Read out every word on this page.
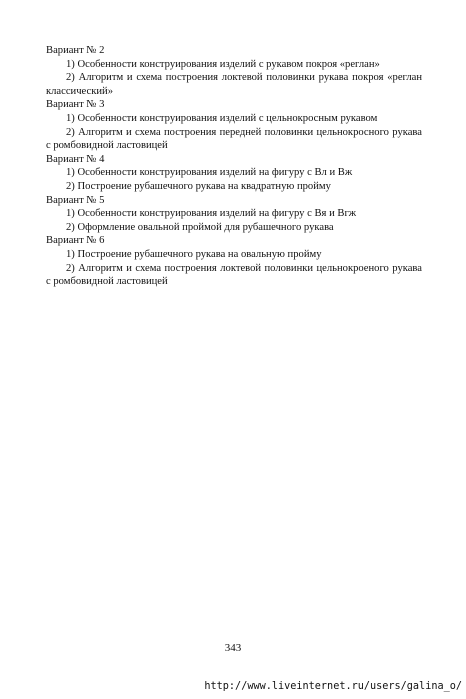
Вариант № 2

1) Особенности конструирования изделий с рукавом покроя «реглан»

2) Алгоритм и схема построения локтевой половинки рукава покроя «реглан классический»

Вариант № 3

1) Особенности конструирования изделий с цельнокросным рукавом

2) Алгоритм и схема построения передней половинки цельнокросного рукава с ромбовидной ластовицей

Вариант № 4

1) Особенности конструирования изделий на фигуру с Вл и Вж

2) Построение рубашечного рукава на квадратную пройму

Вариант № 5

1) Особенности конструирования изделий на фигуру с Вя и Вгж

2) Оформление овальной проймой для рубашечного рукава

Вариант № 6

1) Построение рубашечного рукава на овальную пройму

2) Алгоритм и схема построения локтевой половинки цельнокроеного рукава с ромбовидной ластовицей

343
http://www.liveinternet.ru/users/galina_o/
